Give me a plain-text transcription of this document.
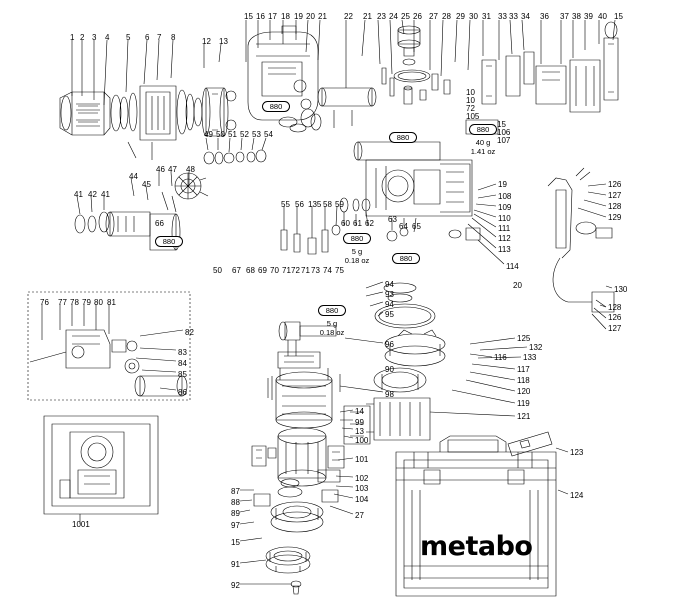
880
880
880
40 g
1.41 oz
880	880
5 g
0.18 oz	880
880
5 g
0.18 oz
metabo
1 2 3 4 5 6 7 8	12 13
15 16 17 18 19 20 21 22 21 23 24 25 26 27 28 29 30 31 33 33 34 36 37 38 39 40 15
10
10
72
105
15
106
107
49 50 51 52 53 54
44
46 47 48
45
41 42 41
66
55 56 135 58 59
60 61 62 63
64 65
19
108
109
110
111
112
113
114
126
127
128
129
130
128
126
127
20
50 67 68 69 70 71 72 71 73 74 75
94
93
94
95
96
90
98
76 77 78 79 80 81
82
83
84
85
86
1001
125
132
116 133
117
118
120
119
121
14
99
13
100
101
102
103
104
27
87
88
89
97
15
91
92
123
124
